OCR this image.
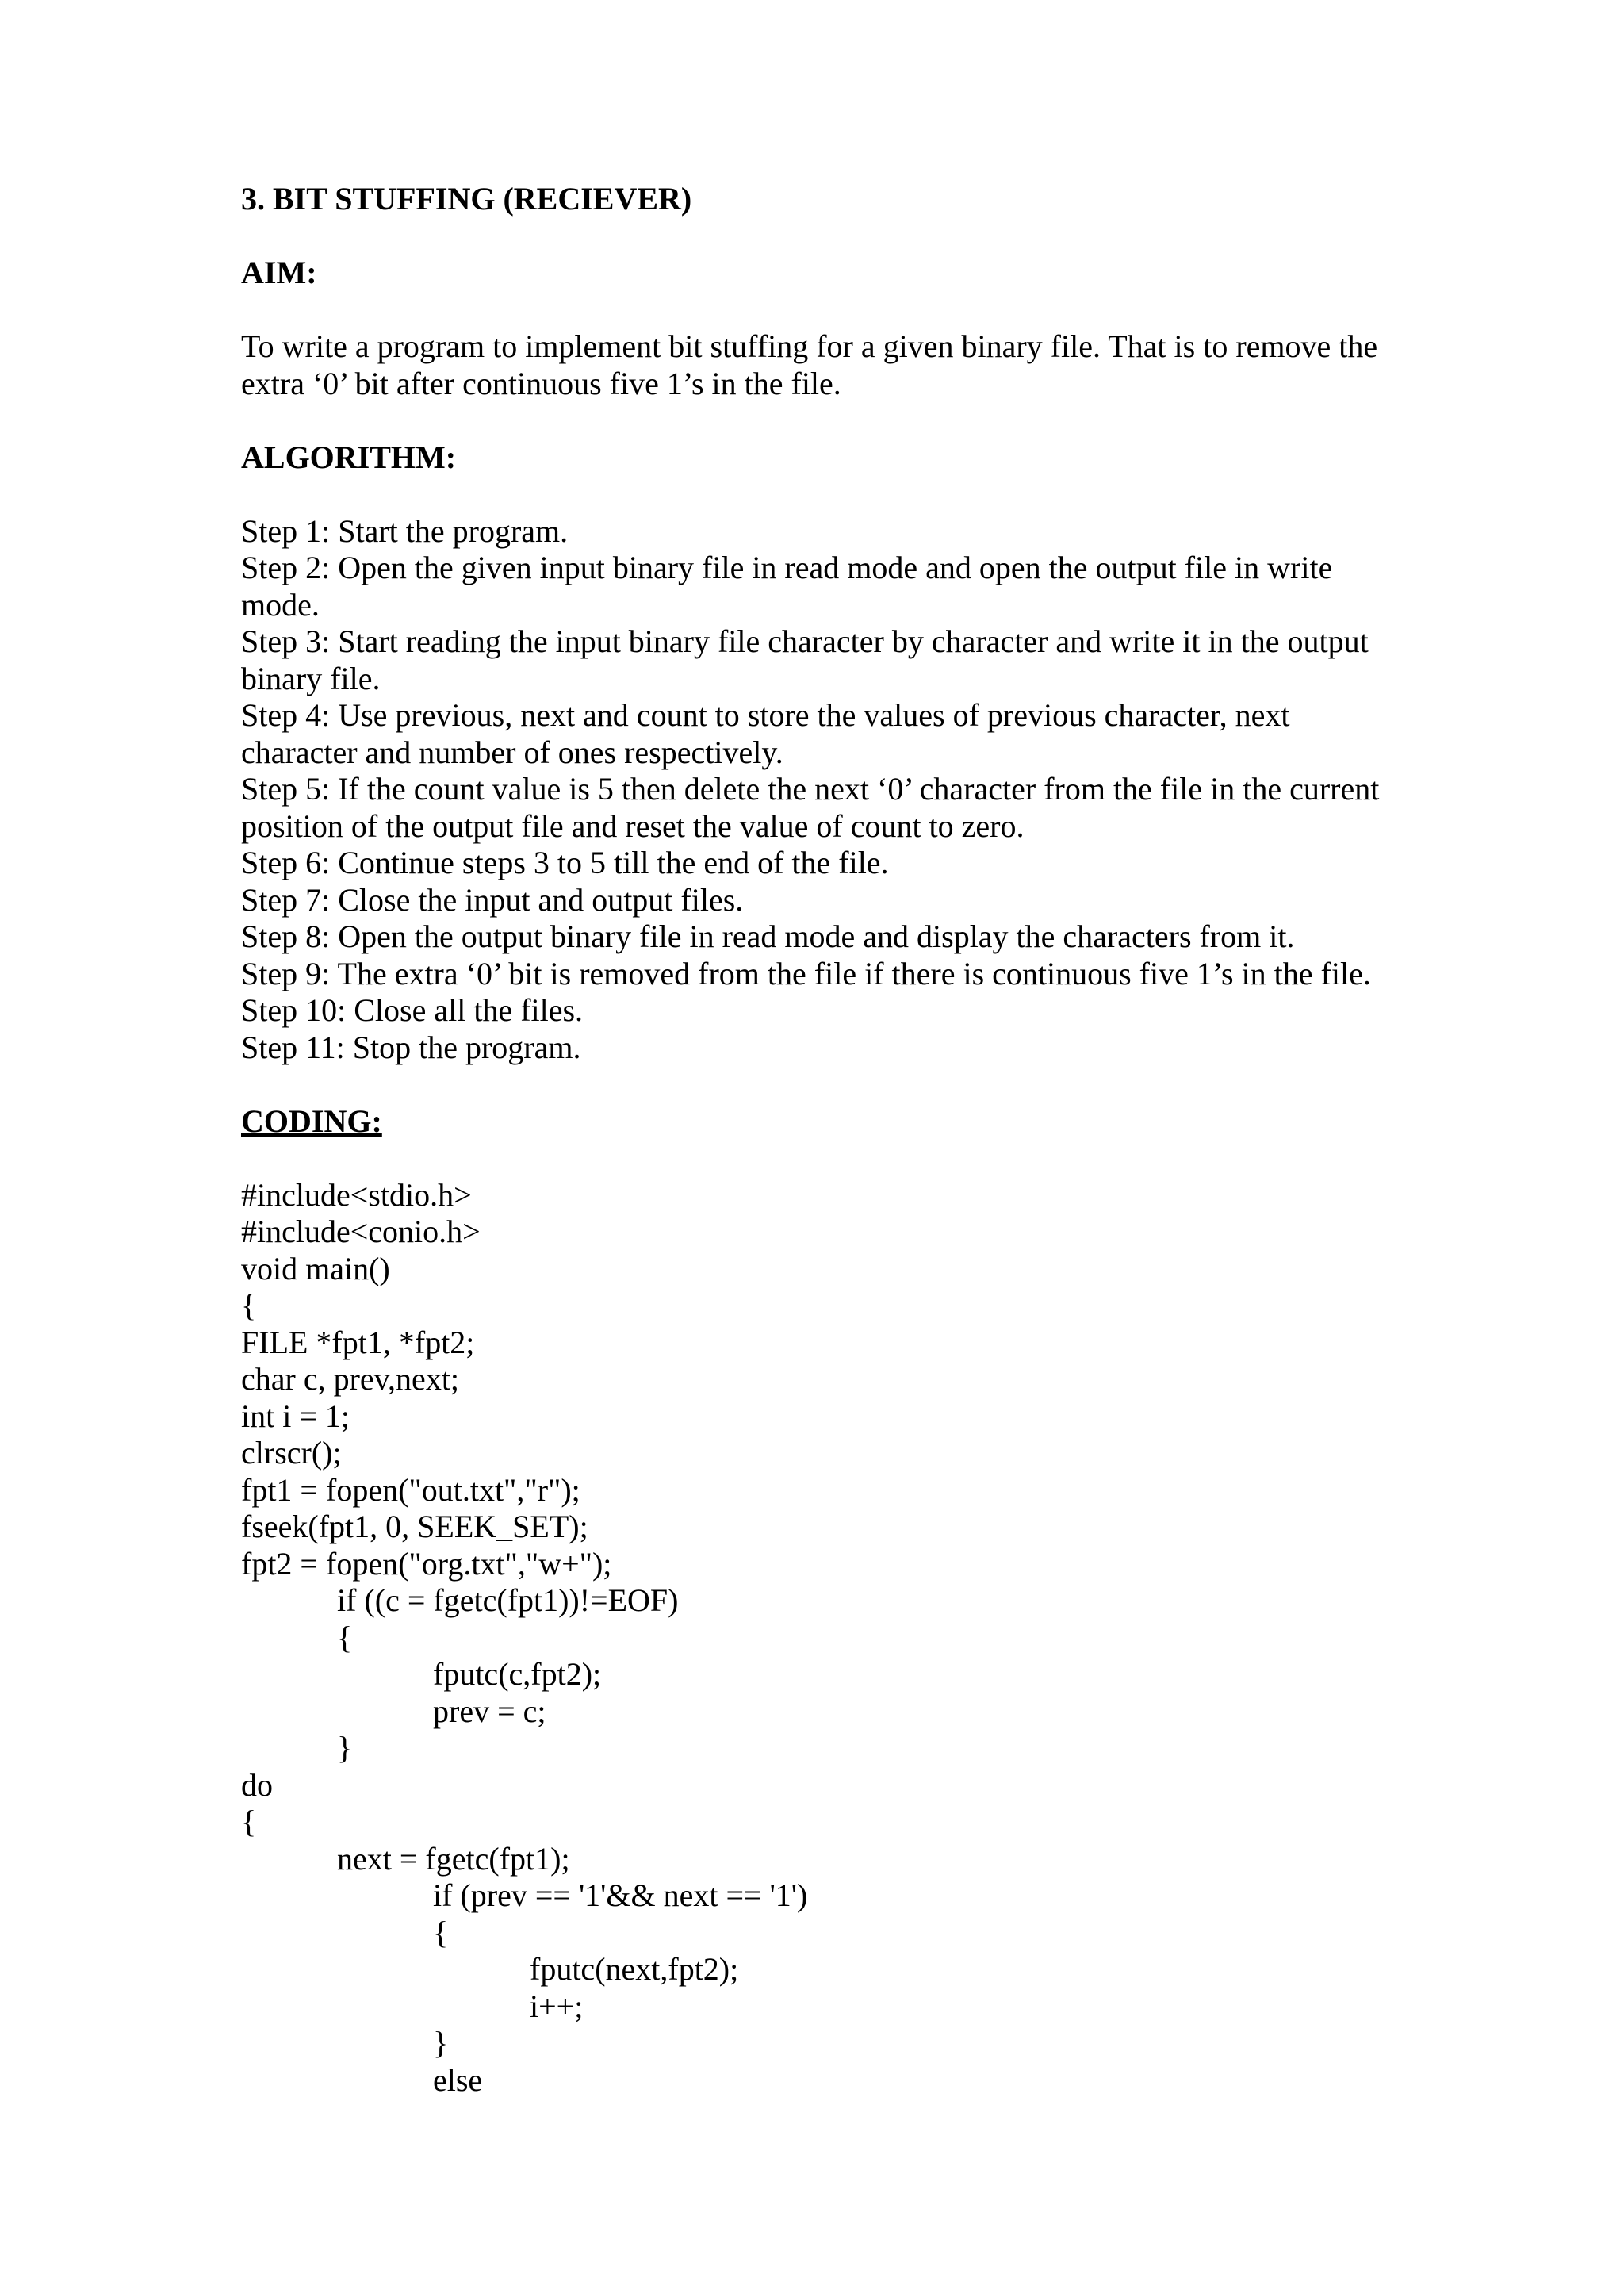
3. BIT STUFFING (RECIEVER)
AIM:
To write a program to implement bit stuffing for a given binary file. That is to remove the
extra ‘0’ bit after continuous five 1’s in the file.
ALGORITHM:
Step 1: Start the program.
Step 2: Open the given input binary file in read mode and open the output file in write
mode.
Step 3: Start reading the input binary file character by character and write it in the output
binary file.
Step 4: Use previous, next and count to store the values of previous character, next
character and number of ones respectively.
Step 5: If the count value is 5 then delete the next ‘0’ character from the file in the current
position of the output file and reset the value of count to zero.
Step 6: Continue steps 3 to 5 till the end of the file.
Step 7: Close the input and output files.
Step 8: Open the output binary file in read mode and display the characters from it.
Step 9: The extra ‘0’ bit is removed from the file if there is continuous five 1’s in the file.
Step 10: Close all the files.
Step 11: Stop the program.
CODING:
#include<stdio.h>
#include<conio.h>
void main()
{
FILE *fpt1, *fpt2;
char c, prev,next;
int i = 1;
clrscr();
fpt1 = fopen("out.txt","r");
fseek(fpt1, 0, SEEK_SET);
fpt2 = fopen("org.txt","w+");
if ((c = fgetc(fpt1))!=EOF)
{
fputc(c,fpt2);
prev = c;
}
do
{
next = fgetc(fpt1);
if (prev == '1'&& next == '1')
{
fputc(next,fpt2);
i++;
}
else
